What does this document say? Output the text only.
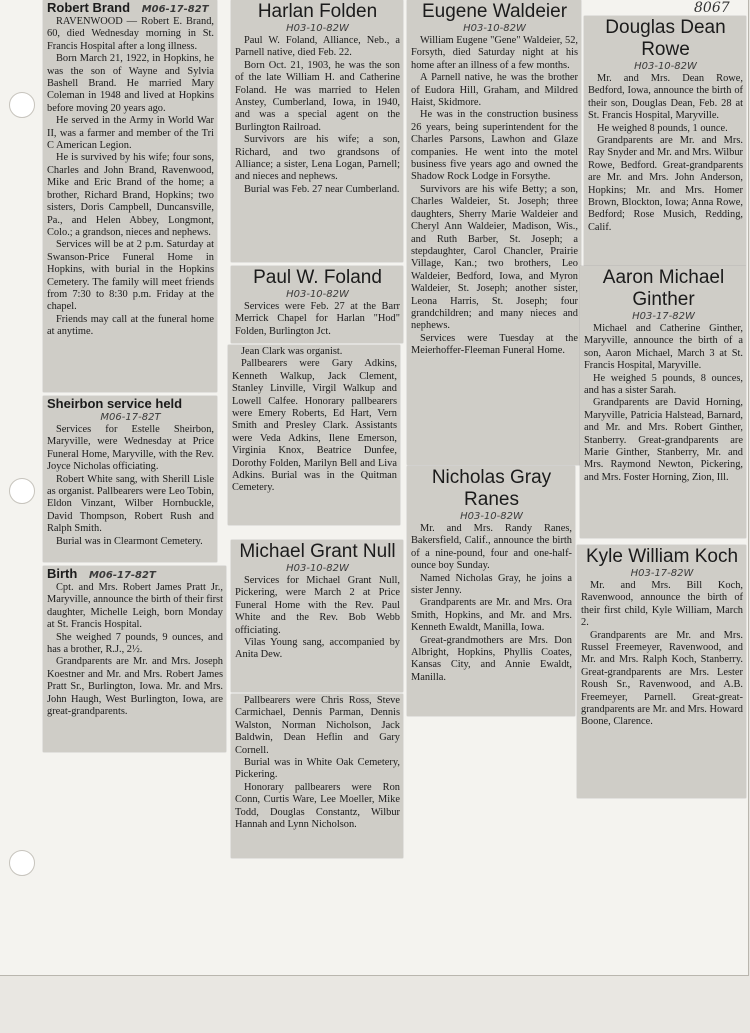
8067
Robert Brand M06-17-82T

RAVENWOOD — Robert E. Brand, 60, died Wednesday morning in St. Francis Hospital after a long illness.

Born March 21, 1922, in Hopkins, he was the son of Wayne and Sylvia Bashell Brand. He married Mary Coleman in 1948 and lived at Hopkins before moving 20 years ago.

He served in the Army in World War II, was a farmer and member of the Tri C American Legion.

He is survived by his wife; four sons, Charles and John Brand, Ravenwood, Mike and Eric Brand of the home; a brother, Richard Brand, Hopkins; two sisters, Doris Campbell, Duncansville, Pa., and Helen Abbey, Longmont, Colo.; a grandson, nieces and nephews.

Services will be at 2 p.m. Saturday at Swanson-Price Funeral Home in Hopkins, with burial in the Hopkins Cemetery. The family will meet friends from 7:30 to 8:30 p.m. Friday at the chapel.

Friends may call at the funeral home at anytime.

Sheirbon service held
M06-17-82T

Services for Estelle Sheirbon, Maryville, were Wednesday at Price Funeral Home, Maryville, with the Rev. Joyce Nicholas officiating.

Robert White sang, with Sherill Lisle as organist. Pallbearers were Leo Tobin, Eldon Vinzant, Wilber Hornbuckle, David Thompson, Robert Rush and Ralph Smith.

Burial was in Clearmont Cemetery.

Birth M06-17-82T

Cpt. and Mrs. Robert James Pratt Jr., Maryville, announce the birth of their first daughter, Michelle Leigh, born Monday at St. Francis Hospital.

She weighed 7 pounds, 9 ounces, and has a brother, R.J., 2½.

Grandparents are Mr. and Mrs. Joseph Koestner and Mr. and Mrs. Robert James Pratt Sr., Burlington, Iowa. Mr. and Mrs. John Haugh, West Burlington, Iowa, are great-grandparents.

Harlan Folden
H03-10-82W

Paul W. Foland, Alliance, Neb., a Parnell native, died Feb. 22.

Born Oct. 21, 1903, he was the son of the late William H. and Catherine Foland. He was married to Helen Anstey, Cumberland, Iowa, in 1940, and was a special agent on the Burlington Railroad.

Survivors are his wife; a son, Richard, and two grandsons of Alliance; a sister, Lena Logan, Parnell; and nieces and nephews.

Burial was Feb. 27 near Cumberland.

Paul W. Foland
H03-10-82W

Services were Feb. 27 at the Barr Merrick Chapel for Harlan "Hod" Folden, Burlington Jct.

Jean Clark was organist.

Pallbearers were Gary Adkins, Kenneth Walkup, Jack Clement, Stanley Linville, Virgil Walkup and Lowell Calfee. Honorary pallbearers were Emery Roberts, Ed Hart, Vern Smith and Presley Clark. Assistants were Veda Adkins, Ilene Emerson, Virginia Knox, Beatrice Dunfee, Dorothy Folden, Marilyn Bell and Liva Adkins. Burial was in the Quitman Cemetery.

Michael Grant Null
H03-10-82W

Services for Michael Grant Null, Pickering, were March 2 at Price Funeral Home with the Rev. Paul White and the Rev. Bob Webb officiating.

Vilas Young sang, accompanied by Anita Dew.

Pallbearers were Chris Ross, Steve Carmichael, Dennis Parman, Dennis Walston, Norman Nicholson, Jack Baldwin, Dean Heflin and Gary Cornell.

Burial was in White Oak Cemetery, Pickering.

Honorary pallbearers were Ron Conn, Curtis Ware, Lee Moeller, Mike Todd, Douglas Constantz, Wilbur Hannah and Lynn Nicholson.

Eugene Waldeier
H03-10-82W

William Eugene "Gene" Waldeier, 52, Forsyth, died Saturday night at his home after an illness of a few months.

A Parnell native, he was the brother of Eudora Hill, Graham, and Mildred Haist, Skidmore.

He was in the construction business 26 years, being superintendent for the Charles Parsons, Lawhon and Glaze companies. He went into the motel business five years ago and owned the Shadow Rock Lodge in Forsythe.

Survivors are his wife Betty; a son, Charles Waldeier, St. Joseph; three daughters, Sherry Marie Waldeier and Cheryl Ann Waldeier, Madison, Wis., and Ruth Barber, St. Joseph; a stepdaughter, Carol Chancler, Prairie Village, Kan.; two brothers, Leo Waldeier, Bedford, Iowa, and Myron Waldeier, St. Joseph; another sister, Leona Harris, St. Joseph; four grandchildren; and many nieces and nephews.

Services were Tuesday at the Meierhoffer-Fleeman Funeral Home.

Nicholas Gray Ranes
H03-10-82W

Mr. and Mrs. Randy Ranes, Bakersfield, Calif., announce the birth of a nine-pound, four and one-half-ounce boy Sunday.

Named Nicholas Gray, he joins a sister Jenny.

Grandparents are Mr. and Mrs. Ora Smith, Hopkins, and Mr. and Mrs. Kenneth Ewaldt, Manilla, Iowa.

Great-grandmothers are Mrs. Don Albright, Hopkins, Phyllis Coates, Kansas City, and Annie Ewaldt, Manilla.

Douglas Dean Rowe
H03-10-82W

Mr. and Mrs. Dean Rowe, Bedford, Iowa, announce the birth of their son, Douglas Dean, Feb. 28 at St. Francis Hospital, Maryville.

He weighed 8 pounds, 1 ounce.

Grandparents are Mr. and Mrs. Ray Snyder and Mr. and Mrs. Wilbur Rowe, Bedford. Great-grandparents are Mr. and Mrs. John Anderson, Hopkins; Mr. and Mrs. Homer Brown, Blockton, Iowa; Anna Rowe, Bedford; Rose Musich, Redding, Calif.

Aaron Michael Ginther
H03-17-82W

Michael and Catherine Ginther, Maryville, announce the birth of a son, Aaron Michael, March 3 at St. Francis Hospital, Maryville.

He weighed 5 pounds, 8 ounces, and has a sister Sarah.

Grandparents are David Horning, Maryville, Patricia Halstead, Barnard, and Mr. and Mrs. Robert Ginther, Stanberry. Great-grandparents are Marie Ginther, Stanberry, Mr. and Mrs. Raymond Newton, Pickering, and Mrs. Foster Horning, Zion, Ill.

Kyle William Koch
H03-17-82W

Mr. and Mrs. Bill Koch, Ravenwood, announce the birth of their first child, Kyle William, March 2.

Grandparents are Mr. and Mrs. Russel Freemeyer, Ravenwood, and Mr. and Mrs. Ralph Koch, Stanberry. Great-grandparents are Mrs. Lester Roush Sr., Ravenwood, and A.B. Freemeyer, Parnell. Great-great-grandparents are Mr. and Mrs. Howard Boone, Clarence.
